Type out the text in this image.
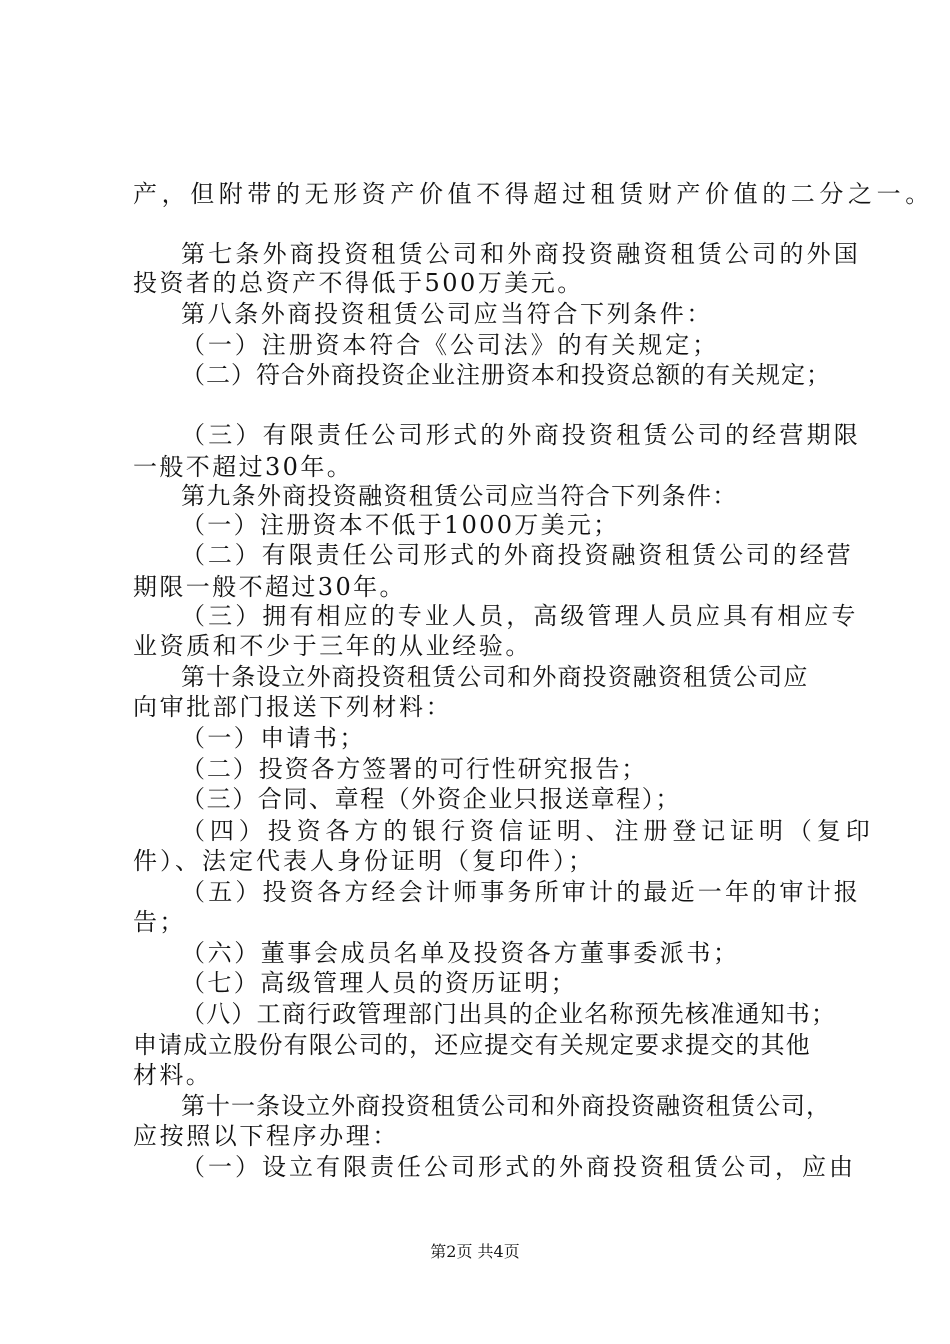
产，但附带的无形资产价值不得超过租赁财产价值的二分之一。
第七条外商投资租赁公司和外商投资融资租赁公司的外国
投资者的总资产不得低于500万美元。
第八条外商投资租赁公司应当符合下列条件：
（一）注册资本符合《公司法》的有关规定；
（二）符合外商投资企业注册资本和投资总额的有关规定；
（三）有限责任公司形式的外商投资租赁公司的经营期限
一般不超过30年。
第九条外商投资融资租赁公司应当符合下列条件：
（一）注册资本不低于1000万美元；
（二）有限责任公司形式的外商投资融资租赁公司的经营
期限一般不超过30年。
（三）拥有相应的专业人员，高级管理人员应具有相应专
业资质和不少于三年的从业经验。
第十条设立外商投资租赁公司和外商投资融资租赁公司应
向审批部门报送下列材料：
（一）申请书；
（二）投资各方签署的可行性研究报告；
（三）合同、章程（外资企业只报送章程）；
（四）投资各方的银行资信证明、注册登记证明（复印
件）、法定代表人身份证明（复印件）；
（五）投资各方经会计师事务所审计的最近一年的审计报
告；
（六）董事会成员名单及投资各方董事委派书；
（七）高级管理人员的资历证明；
（八）工商行政管理部门出具的企业名称预先核准通知书；
申请成立股份有限公司的，还应提交有关规定要求提交的其他
材料。
第十一条设立外商投资租赁公司和外商投资融资租赁公司，
应按照以下程序办理：
（一）设立有限责任公司形式的外商投资租赁公司，应由
第2页 共4页
